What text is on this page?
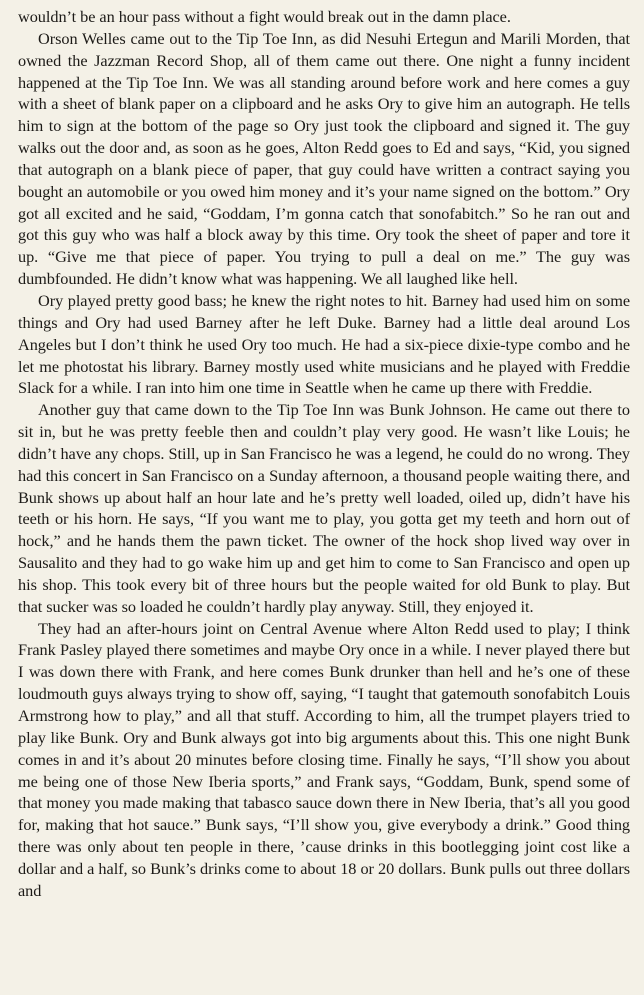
wouldn’t be an hour pass without a fight would break out in the damn place.

Orson Welles came out to the Tip Toe Inn, as did Nesuhi Ertegun and Marili Morden, that owned the Jazzman Record Shop, all of them came out there. One night a funny incident happened at the Tip Toe Inn. We was all standing around before work and here comes a guy with a sheet of blank paper on a clipboard and he asks Ory to give him an autograph. He tells him to sign at the bottom of the page so Ory just took the clipboard and signed it. The guy walks out the door and, as soon as he goes, Alton Redd goes to Ed and says, “Kid, you signed that autograph on a blank piece of paper, that guy could have written a contract saying you bought an automobile or you owed him money and it’s your name signed on the bottom.” Ory got all excited and he said, “Goddam, I’m gonna catch that sonofabitch.” So he ran out and got this guy who was half a block away by this time. Ory took the sheet of paper and tore it up. “Give me that piece of paper. You trying to pull a deal on me.” The guy was dumbfounded. He didn’t know what was happening. We all laughed like hell.

Ory played pretty good bass; he knew the right notes to hit. Barney had used him on some things and Ory had used Barney after he left Duke. Barney had a little deal around Los Angeles but I don’t think he used Ory too much. He had a six-piece dixie-type combo and he let me photostat his library. Barney mostly used white musicians and he played with Freddie Slack for a while. I ran into him one time in Seattle when he came up there with Freddie.

Another guy that came down to the Tip Toe Inn was Bunk Johnson. He came out there to sit in, but he was pretty feeble then and couldn’t play very good. He wasn’t like Louis; he didn’t have any chops. Still, up in San Francisco he was a legend, he could do no wrong. They had this concert in San Francisco on a Sunday afternoon, a thousand people waiting there, and Bunk shows up about half an hour late and he’s pretty well loaded, oiled up, didn’t have his teeth or his horn. He says, “If you want me to play, you gotta get my teeth and horn out of hock,” and he hands them the pawn ticket. The owner of the hock shop lived way over in Sausalito and they had to go wake him up and get him to come to San Francisco and open up his shop. This took every bit of three hours but the people waited for old Bunk to play. But that sucker was so loaded he couldn’t hardly play anyway. Still, they enjoyed it.

They had an after-hours joint on Central Avenue where Alton Redd used to play; I think Frank Pasley played there sometimes and maybe Ory once in a while. I never played there but I was down there with Frank, and here comes Bunk drunker than hell and he’s one of these loudmouth guys always trying to show off, saying, “I taught that gatemouth sonofabitch Louis Armstrong how to play,” and all that stuff. According to him, all the trumpet players tried to play like Bunk. Ory and Bunk always got into big arguments about this. This one night Bunk comes in and it’s about 20 minutes before closing time. Finally he says, “I’ll show you about me being one of those New Iberia sports,” and Frank says, “Goddam, Bunk, spend some of that money you made making that tabasco sauce down there in New Iberia, that’s all you good for, making that hot sauce.” Bunk says, “I’ll show you, give everybody a drink.” Good thing there was only about ten people in there, ’cause drinks in this bootlegging joint cost like a dollar and a half, so Bunk’s drinks come to about 18 or 20 dollars. Bunk pulls out three dollars and
